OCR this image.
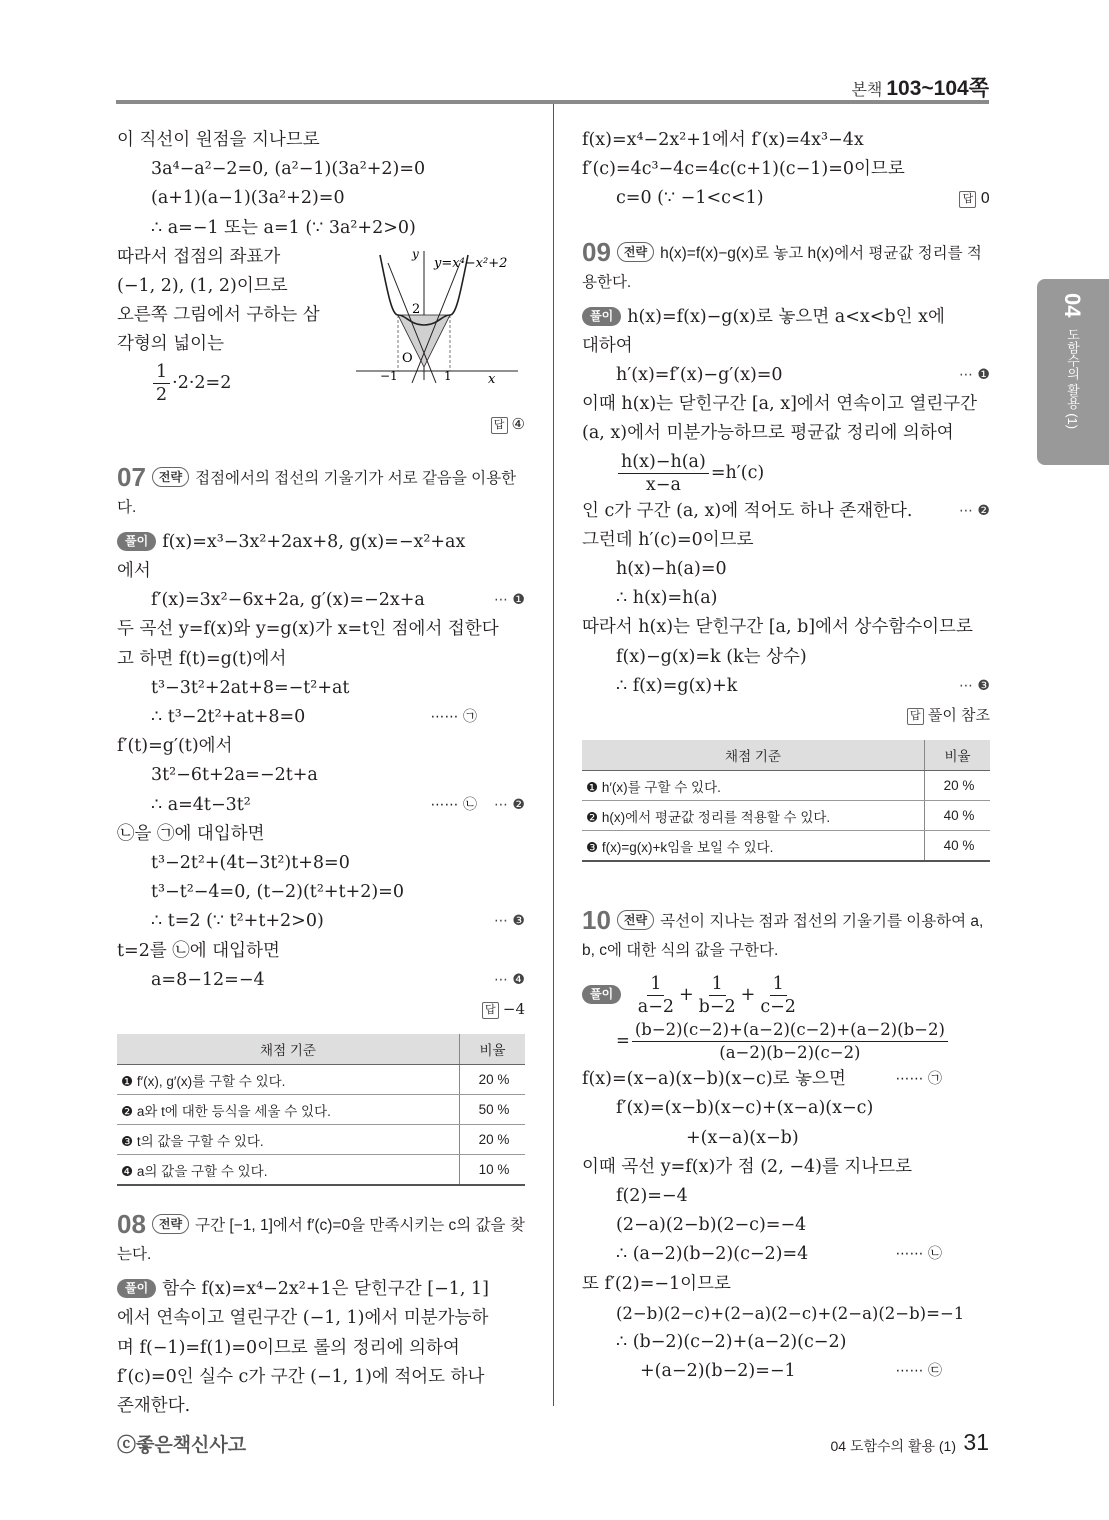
본책 103~104쪽
04 도함수의 활용 (1)
이 직선이 원점을 지나므로
3a⁴−a²−2=0, (a²−1)(3a²+2)=0
(a+1)(a−1)(3a²+2)=0
∴ a=−1 또는 a=1 (∵ 3a²+2>0)
따라서 접점의 좌표가
(−1, 2), (1, 2)이므로
오른쪽 그림에서 구하는 삼
각형의 넓이는
$\frac{1}{2} \cdot 2\cdot 2=2$
답 ④
07 전략 접점에서의 접선의 기울기가 서로 같음을 이용한다.
풀이 f(x)=x³−3x²+2ax+8, g(x)=−x²+ax
에서
f′(x)=3x²−6x+2a, g′(x)=−2x+a	⋯ ❶
두 곡선 y=f(x)와 y=g(x)가 x=t인 점에서 접한다
고 하면 f(t)=g(t)에서
t³−3t²+2at+8=−t²+at
∴ t³−2t²+at+8=0	⋯⋯ ㉠
f′(t)=g′(t)에서
3t²−6t+2a=−2t+a
∴ a=4t−3t²	⋯⋯ ㉡ ⋯ ❷
㉡을 ㉠에 대입하면
t³−2t²+(4t−3t²)t+8=0
t³−t²−4=0, (t−2)(t²+t+2)=0
∴ t=2 (∵ t²+t+2>0)	⋯ ❸
t=2를 ㉡에 대입하면
a=8−12=−4	⋯ ❹
답 −4
채점 기준	비율
❶ f′(x), g′(x)를 구할 수 있다.	20 %
❷ a와 t에 대한 등식을 세울 수 있다.	50 %
❸ t의 값을 구할 수 있다.	20 %
❹ a의 값을 구할 수 있다.	10 %
08 전략 구간 [−1, 1]에서 f′(c)=0을 만족시키는 c의 값을 찾는다.
풀이 함수 f(x)=x⁴−2x²+1은 닫힌구간 [−1, 1]
에서 연속이고 열린구간 (−1, 1)에서 미분가능하
며 f(−1)=f(1)=0이므로 롤의 정리에 의하여
f′(c)=0인 실수 c가 구간 (−1, 1)에 적어도 하나
존재한다.
y=x⁴−x²+2
y
x
O
2
−1	1
f(x)=x⁴−2x²+1에서 f′(x)=4x³−4x
f′(c)=4c³−4c=4c(c+1)(c−1)=0이므로
c=0 (∵ −1<c<1)	답 0
09 전략 h(x)=f(x)−g(x)로 놓고 h(x)에서 평균값 정리를 적용한다.
풀이 h(x)=f(x)−g(x)로 놓으면 a<x<b인 x에
대하여
h′(x)=f′(x)−g′(x)=0	⋯ ❶
이때 h(x)는 닫힌구간 [a, x]에서 연속이고 열린구간
(a, x)에서 미분가능하므로 평균값 정리에 의하여
$\frac{h(x)-h(a)}{x-a} =h'(c)$
인 c가 구간 (a, x)에 적어도 하나 존재한다.	⋯ ❷
그런데 h′(c)=0이므로
h(x)−h(a)=0
∴ h(x)=h(a)
따라서 h(x)는 닫힌구간 [a, b]에서 상수함수이므로
f(x)−g(x)=k (k는 상수)
∴ f(x)=g(x)+k	⋯ ❸
답 풀이 참조
채점 기준	비율
❶ h′(x)를 구할 수 있다.	20 %
❷ h(x)에서 평균값 정리를 적용할 수 있다.	40 %
❸ f(x)=g(x)+k임을 보일 수 있다.	40 %
10 전략 곡선이 지나는 점과 접선의 기울기를 이용하여 a, b, c에 대한 식의 값을 구한다.
풀이 $\frac{1}{a-2} + \frac{1}{b-2} + \frac{1}{c-2}$
= $\frac{(b-2)(c-2)+(a-2)(c-2)+(a-2)(b-2)}{(a-2)(b-2)(c-2)}$
⋯⋯ ㉠
f(x)=(x−a)(x−b)(x−c)로 놓으면
f′(x)=(x−b)(x−c)+(x−a)(x−c)
+(x−a)(x−b)
이때 곡선 y=f(x)가 점 (2, −4)를 지나므로
f(2)=−4
(2−a)(2−b)(2−c)=−4
∴ (a−2)(b−2)(c−2)=4	⋯⋯ ㉡
또 f′(2)=−1이므로
(2−b)(2−c)+(2−a)(2−c)+(2−a)(2−b)=−1
∴ (b−2)(c−2)+(a−2)(c−2)
+(a−2)(b−2)=−1	⋯⋯ ㉢
ⓒ좋은책신사고	04 도함수의 활용 (1) 31
